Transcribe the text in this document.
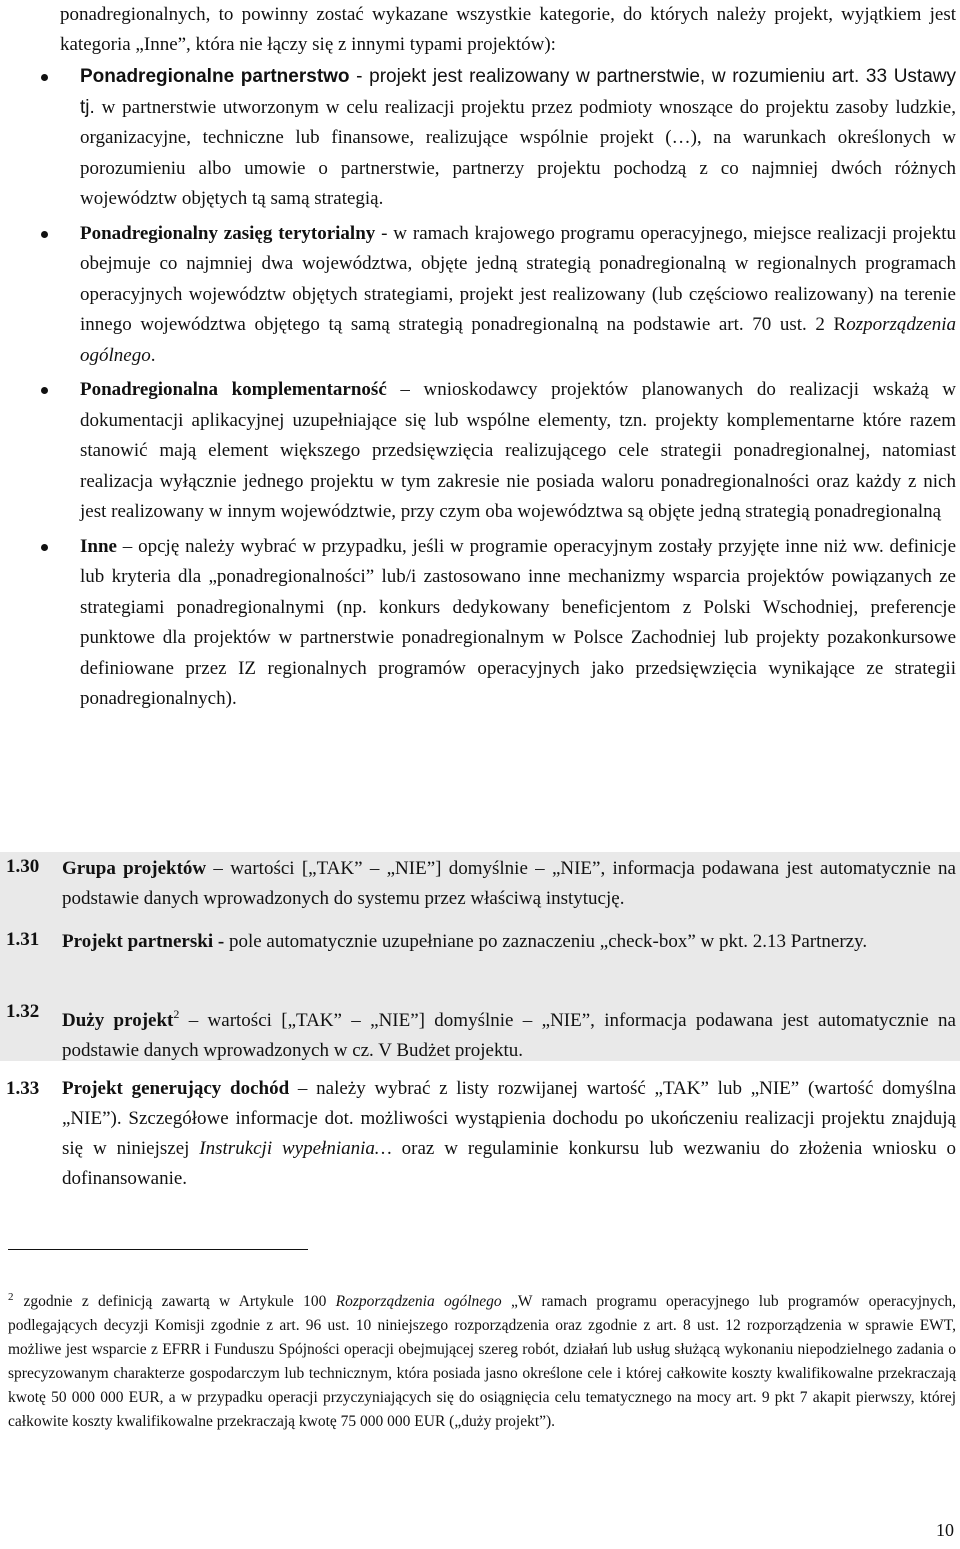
ponadregionalnych, to powinny zostać wykazane wszystkie kategorie, do których należy projekt, wyjątkiem jest kategoria „Inne”, która nie łączy się z innymi typami projektów):

Ponadregionalne partnerstwo - projekt jest realizowany w partnerstwie, w rozumieniu art. 33 Ustawy tj. w partnerstwie utworzonym w celu realizacji projektu przez podmioty wnoszące do projektu zasoby ludzkie, organizacyjne, techniczne lub finansowe, realizujące wspólnie projekt (…), na warunkach określonych w porozumieniu albo umowie o partnerstwie, partnerzy projektu pochodzą z co najmniej dwóch różnych województw objętych tą samą strategią.
Ponadregionalny zasięg terytorialny - w ramach krajowego programu operacyjnego, miejsce realizacji projektu obejmuje co najmniej dwa województwa, objęte jedną strategią ponadregionalną w regionalnych programach operacyjnych województw objętych strategiami, projekt jest realizowany (lub częściowo realizowany) na terenie innego województwa objętego tą samą strategią ponadregionalną na podstawie art. 70 ust. 2 Rozporządzenia ogólnego.
Ponadregionalna komplementarność – wnioskodawcy projektów planowanych do realizacji wskażą w dokumentacji aplikacyjnej uzupełniające się lub wspólne elementy, tzn. projekty komplementarne które razem stanowić mają element większego przedsięwzięcia realizującego cele strategii ponadregionalnej, natomiast realizacja wyłącznie jednego projektu w tym zakresie nie posiada waloru ponadregionalności oraz każdy z nich jest realizowany w innym województwie, przy czym oba województwa są objęte jedną strategią ponadregionalną
Inne – opcję należy wybrać w przypadku, jeśli w programie operacyjnym zostały przyjęte inne niż ww. definicje lub kryteria dla „ponadregionalności” lub/i zastosowano inne mechanizmy wsparcia projektów powiązanych ze strategiami ponadregionalnymi (np. konkurs dedykowany beneficjentom z Polski Wschodniej, preferencje punktowe dla projektów w partnerstwie ponadregionalnym w Polsce Zachodniej lub projekty pozakonkursowe definiowane przez IZ regionalnych programów operacyjnych jako przedsięwzięcia wynikające ze strategii ponadregionalnych).
1.30 Grupa projektów – wartości [„TAK” – „NIE”] domyślnie – „NIE”, informacja podawana jest automatycznie na podstawie danych wprowadzonych do systemu przez właściwą instytucję.
1.31 Projekt partnerski - pole automatycznie uzupełniane po zaznaczeniu „check-box” w pkt. 2.13 Partnerzy.
1.32 Duży projekt$^2$ – wartości [„TAK” – „NIE”] domyślnie – „NIE”, informacja podawana jest automatycznie na podstawie danych wprowadzonych w cz. V Budżet projektu.
1.33 Projekt generujący dochód – należy wybrać z listy rozwijanej wartość „TAK” lub „NIE” (wartość domyślna „NIE”). Szczegółowe informacje dot. możliwości wystąpienia dochodu po ukończeniu realizacji projektu znajdują się w niniejszej Instrukcji wypełniania… oraz w regulaminie konkursu lub wezwaniu do złożenia wniosku o dofinansowanie.

$^2$ zgodnie z definicją zawartą w Artykule 100 Rozporządzenia ogólnego „W ramach programu operacyjnego lub programów operacyjnych, podlegających decyzji Komisji zgodnie z art. 96 ust. 10 niniejszego rozporządzenia oraz zgodnie z art. 8 ust. 12 rozporządzenia w sprawie EWT, możliwe jest wsparcie z EFRR i Funduszu Spójności operacji obejmującej szereg robót, działań lub usług służącą wykonaniu niepodzielnego zadania o sprecyzowanym charakterze gospodarczym lub technicznym, która posiada jasno określone cele i której całkowite koszty kwalifikowalne przekraczają kwotę 50 000 000 EUR, a w przypadku operacji przyczyniających się do osiągnięcia celu tematycznego na mocy art. 9 pkt 7 akapit pierwszy, której całkowite koszty kwalifikowalne przekraczają kwotę 75 000 000 EUR („duży projekt”).

10
